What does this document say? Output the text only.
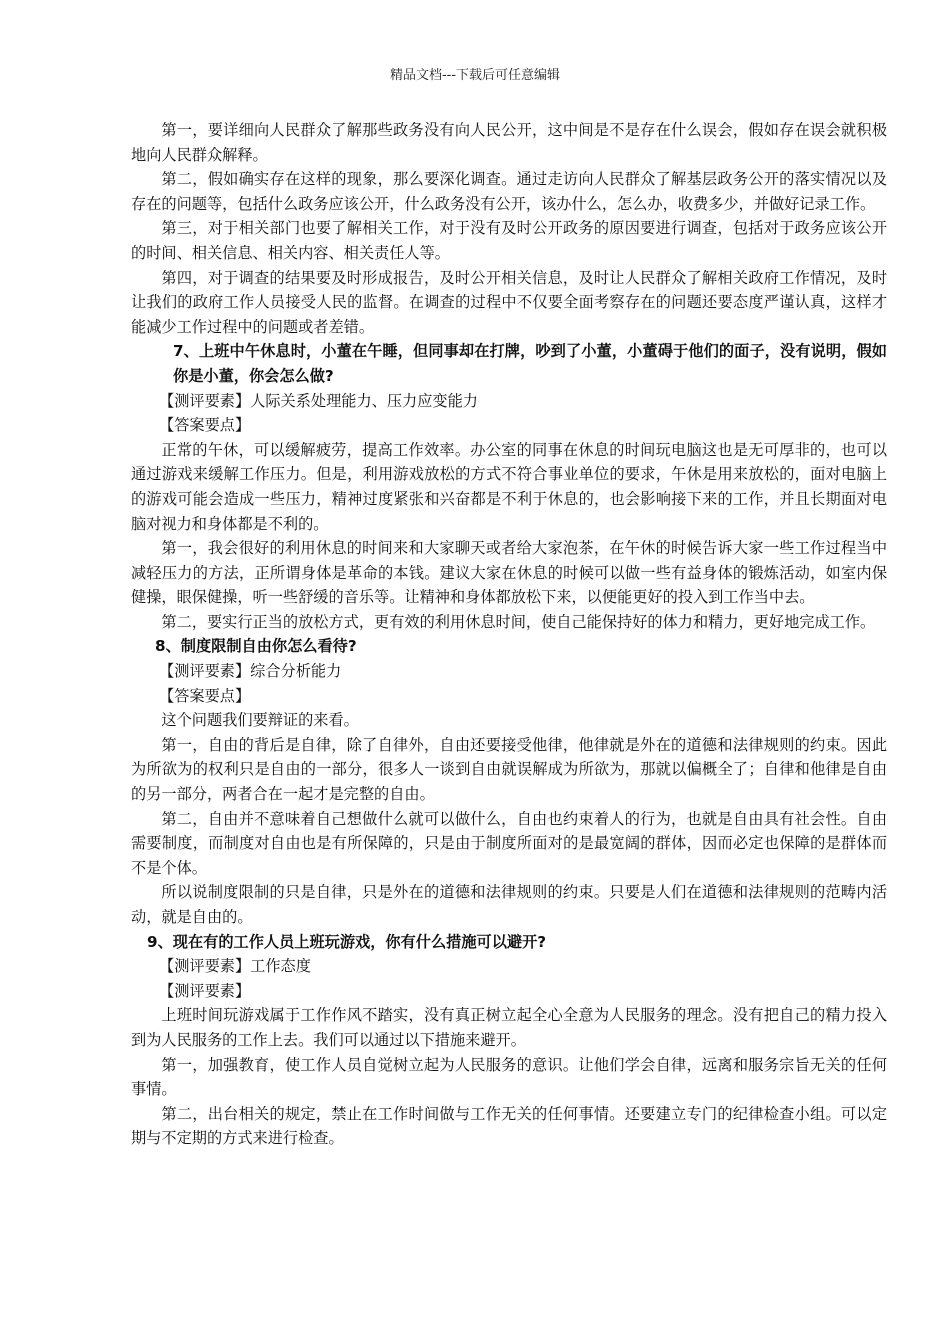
精品文档---下载后可任意编辑

第一，要详细向人民群众了解那些政务没有向人民公开，这中间是不是存在什么误会，假如存在误会就积极地向人民群众解释。

第二，假如确实存在这样的现象，那么要深化调查。通过走访向人民群众了解基层政务公开的落实情况以及存在的问题等，包括什么政务应该公开，什么政务没有公开，该办什么，怎么办，收费多少，并做好记录工作。

第三，对于相关部门也要了解相关工作，对于没有及时公开政务的原因要进行调查，包括对于政务应该公开的时间、相关信息、相关内容、相关责任人等。

第四，对于调查的结果要及时形成报告，及时公开相关信息，及时让人民群众了解相关政府工作情况，及时让我们的政府工作人员接受人民的监督。在调查的过程中不仅要全面考察存在的问题还要态度严谨认真，这样才能减少工作过程中的问题或者差错。

7、上班中午休息时，小董在午睡，但同事却在打牌，吵到了小董，小董碍于他们的面子，没有说明，假如你是小董，你会怎么做?

【测评要素】人际关系处理能力、压力应变能力

【答案要点】

正常的午休，可以缓解疲劳，提高工作效率。办公室的同事在休息的时间玩电脑这也是无可厚非的，也可以通过游戏来缓解工作压力。但是，利用游戏放松的方式不符合事业单位的要求，午休是用来放松的，面对电脑上的游戏可能会造成一些压力，精神过度紧张和兴奋都是不利于休息的，也会影响接下来的工作，并且长期面对电脑对视力和身体都是不利的。

第一，我会很好的利用休息的时间来和大家聊天或者给大家泡茶，在午休的时候告诉大家一些工作过程当中减轻压力的方法，正所谓身体是革命的本钱。建议大家在休息的时候可以做一些有益身体的锻炼活动，如室内保健操，眼保健操，听一些舒缓的音乐等。让精神和身体都放松下来，以便能更好的投入到工作当中去。

第二，要实行正当的放松方式，更有效的利用休息时间，使自己能保持好的体力和精力，更好地完成工作。

8、制度限制自由你怎么看待?

【测评要素】综合分析能力

【答案要点】

这个问题我们要辩证的来看。

第一，自由的背后是自律，除了自律外，自由还要接受他律，他律就是外在的道德和法律规则的约束。因此为所欲为的权利只是自由的一部分，很多人一谈到自由就误解成为所欲为，那就以偏概全了；自律和他律是自由的另一部分，两者合在一起才是完整的自由。

第二，自由并不意味着自己想做什么就可以做什么，自由也约束着人的行为，也就是自由具有社会性。自由需要制度，而制度对自由也是有所保障的，只是由于制度所面对的是最宽阔的群体，因而必定也保障的是群体而不是个体。

所以说制度限制的只是自律，只是外在的道德和法律规则的约束。只要是人们在道德和法律规则的范畴内活动，就是自由的。

9、现在有的工作人员上班玩游戏，你有什么措施可以避开?

【测评要素】工作态度

【测评要素】

上班时间玩游戏属于工作作风不踏实，没有真正树立起全心全意为人民服务的理念。没有把自己的精力投入到为人民服务的工作上去。我们可以通过以下措施来避开。

第一，加强教育，使工作人员自觉树立起为人民服务的意识。让他们学会自律，远离和服务宗旨无关的任何事情。

第二，出台相关的规定，禁止在工作时间做与工作无关的任何事情。还要建立专门的纪律检查小组。可以定期与不定期的方式来进行检查。
